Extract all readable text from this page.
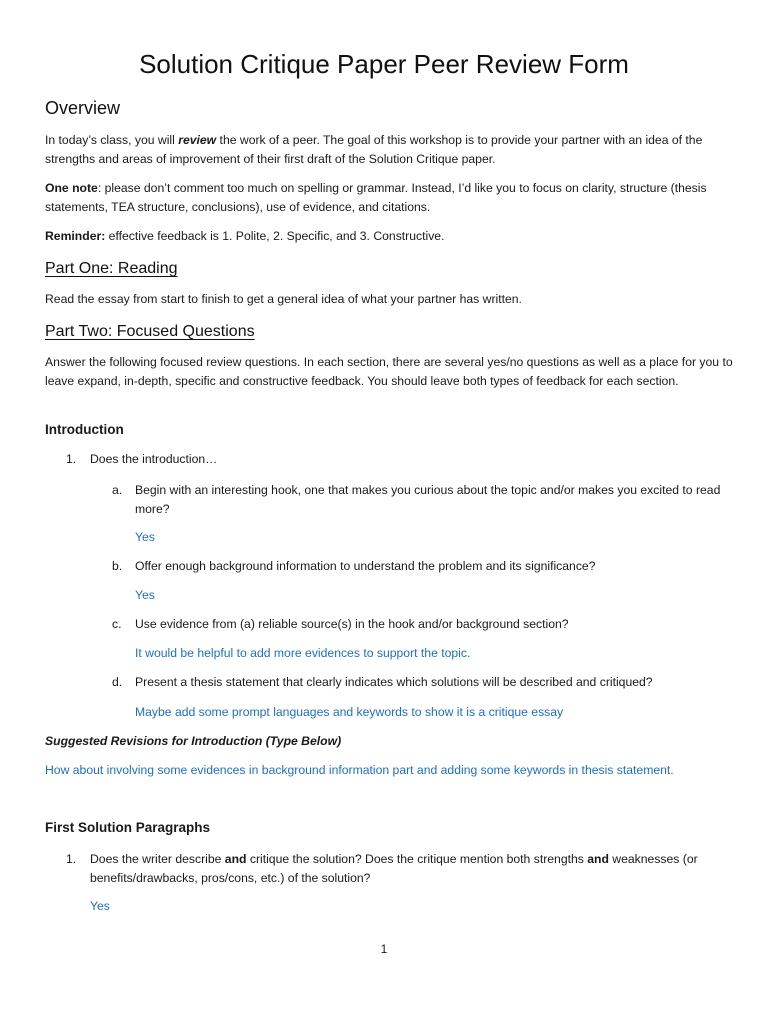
Solution Critique Paper Peer Review Form
Overview
In today’s class, you will review the work of a peer. The goal of this workshop is to provide your partner with an idea of the strengths and areas of improvement of their first draft of the Solution Critique paper.
One note: please don’t comment too much on spelling or grammar. Instead, I’d like you to focus on clarity, structure (thesis statements, TEA structure, conclusions), use of evidence, and citations.
Reminder: effective feedback is 1. Polite, 2. Specific, and 3. Constructive.
Part One: Reading
Read the essay from start to finish to get a general idea of what your partner has written.
Part Two: Focused Questions
Answer the following focused review questions. In each section, there are several yes/no questions as well as a place for you to leave expand, in-depth, specific and constructive feedback. You should leave both types of feedback for each section.
Introduction
1. Does the introduction…
a. Begin with an interesting hook, one that makes you curious about the topic and/or makes you excited to read more?
Yes
b. Offer enough background information to understand the problem and its significance?
Yes
c. Use evidence from (a) reliable source(s) in the hook and/or background section?
It would be helpful to add more evidences to support the topic.
d. Present a thesis statement that clearly indicates which solutions will be described and critiqued?
Maybe add some prompt languages and keywords to show it is a critique essay
Suggested Revisions for Introduction (Type Below)
How about involving some evidences in background information part and adding some keywords in thesis statement.
First Solution Paragraphs
1. Does the writer describe and critique the solution? Does the critique mention both strengths and weaknesses (or benefits/drawbacks, pros/cons, etc.) of the solution?
Yes
1
